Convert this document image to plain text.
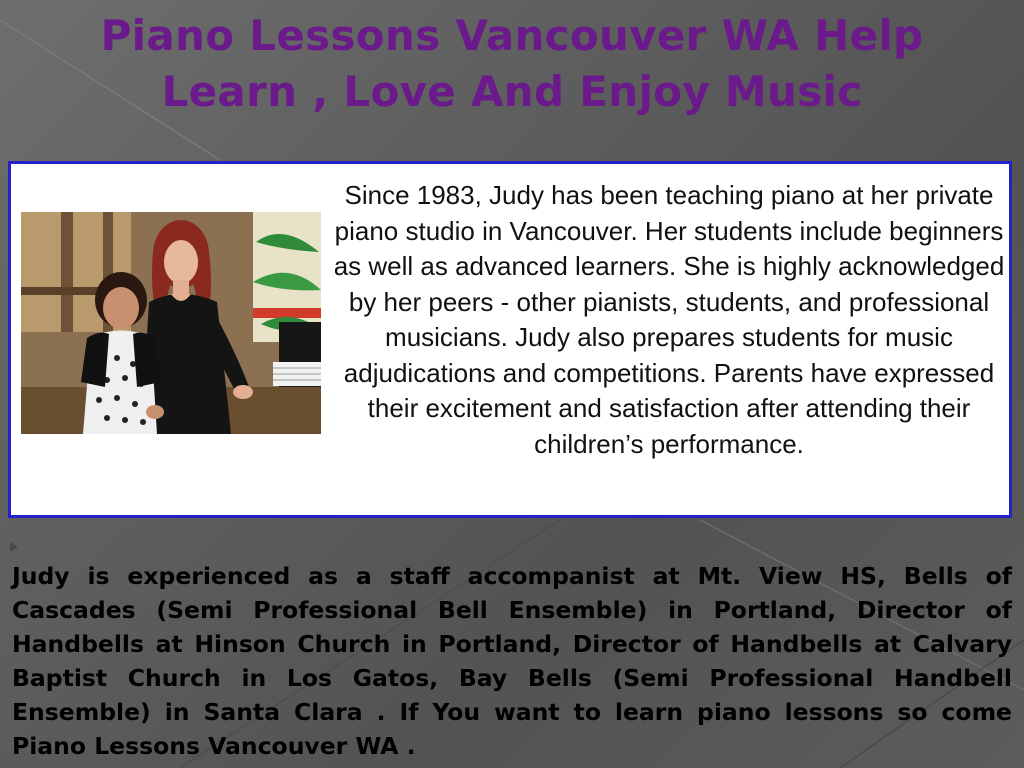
Piano Lessons Vancouver WA Help Learn , Love And Enjoy Music

Since 1983, Judy has been teaching piano at her private piano studio in Vancouver. Her students include beginners as well as advanced learners. She is highly acknowledged by her peers - other pianists, students, and professional musicians. Judy also prepares students for music adjudications and competitions. Parents have expressed their excitement and satisfaction after attending their children’s performance.

Judy is experienced as a staff accompanist at Mt. View HS, Bells of Cascades (Semi Professional Bell Ensemble) in Portland, Director of Handbells at Hinson Church in Portland, Director of Handbells at Calvary Baptist Church in Los Gatos, Bay Bells (Semi Professional Handbell Ensemble) in Santa Clara . If You want to learn piano lessons so come Piano Lessons Vancouver WA .
